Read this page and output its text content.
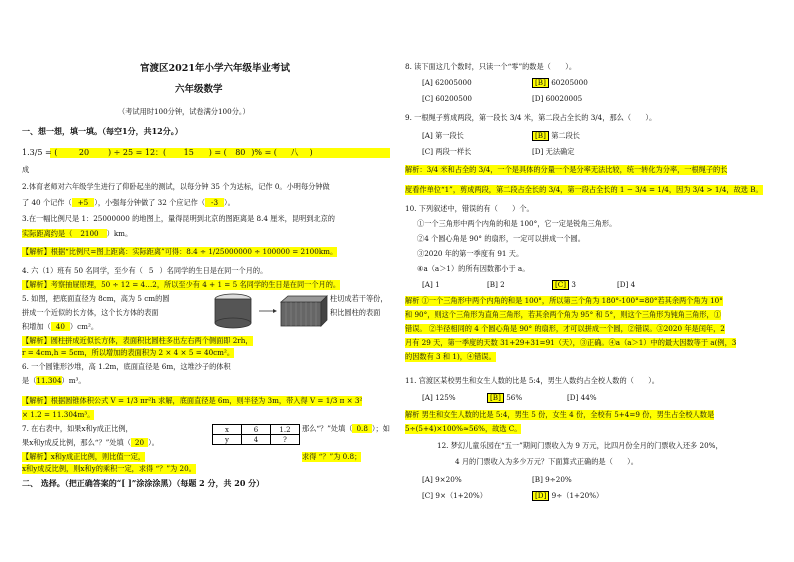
官渡区2021年小学六年级毕业考试
六年级数学
（考试用时100分钟，试卷满分100分。）
一、想一想，填一填。（每空1分，共12分。）
1.3/5 = (	20 ) ÷ 25 = 12：( 15 ) = ( 80 )% = ( 八 )
成
2.体育老师对六年级学生进行了仰卧起坐的测试，以每分钟 35 个为达标，记作 0。小明每分钟做
了 40 个记作（ +5 ），小强每分钟做了 32 个应记作（ -3 ）。
3.在一幅比例尺是 1：25000000 的地图上，量得昆明到北京的图距离是 8.4 厘米，昆明到北京的
实际距离约是（ 2100 ）km。
【解析】根据“比例尺=图上距离：实际距离”可得：8.4 ÷ 1/25000000 ÷ 100000 = 2100km。
4. 六（1）班有 50 名同学，至少有（ 5 ）名同学的生日是在同一个月的。
【解析】考察抽屉原理，50 ÷ 12 = 4…2，所以至少有 4 + 1 = 5 名同学的生日是在同一个月的。
5. 如图，把底面直径为 8cm，高为 5 cm的圆	柱切成若干等份，
拼成一个近似的长方体，这个长方体的表面	积比圆柱的表面
积增加（ 40 ）cm²。
【解析】圆柱拼成近似长方体，表面积比圆柱多出左右两个侧面即 2rh，
r = 4cm,h = 5cm，所以增加的表面积为 2 × 4 × 5 = 40cm²。
6. 一个圆锥形沙堆，高 1.2m，底面直径是 6m，这堆沙子的体积
是（11.304）m³。
【解析】根据圆锥体积公式 V = 1/3 πr²h 求解，底面直径是 6m，则半径为 3m，带入得 V = 1/3 π × 3²
× 1.2 = 11.304m³。
7. 在右表中，如果x和y成正比例，	那么“？”处填（ 0.8 ）；如
果x和y成反比例，那么“？”处填（ 20 ）。
x	6	1.2
y	4	?
【解析】x和y成正比例，则比值一定，	求得 “？”为 0.8；
x和y成反比例，则x和y的乘积一定，求得 “？”为 20。
二、 选择。（把正确答案的“[ ]”涂涂涂黑）（每题 2 分，共 20 分）
8. 读下面这几个数时，只读一个“零”的数是（　　）。
[A] 62005000	[B] 60205000
[C] 60200500	[D] 60020005
9. 一根绳子剪成两段，第一段长 3/4 米，第二段占全长的 3/4，那么（　　）。
[A] 第一段长	[B] 第二段长
[C] 两段一样长	[D] 无法确定
解析：3/4 米和占全的 3/4，一个是具体的分量一个是分率无法比较，统一转化为分率，一根绳子的长
度看作单位“1”，剪成两段，第二段占全长的 3/4，第一段占全长的 1 − 3/4 = 1/4，因为 3/4 > 1/4，故选 B。
10. 下列叙述中，错误的有（　　）个。
①一个三角形中两个内角的和是 100°，它一定是锐角三角形。
②4 个圆心角是 90° 的扇形，一定可以拼成一个圆。
③2020 年的第一季度有 91 天。
④a（a＞1）的所有因数都小于 a。
[A] 1	[B] 2	[C] 3	[D] 4
解析 ①一个三角形中两个内角的和是 100°，所以第三个角为 180°-100°=80°若其余两个角为 10°
和 90°，则这个三角形为直角三角形，若其余两个角为 95° 和 5°，则这个三角形为钝角三角形，①
错误。 ②半径相同的 4 个圆心角是 90° 的扇形，才可以拼成一个圆，②错误。③2020 年是闰年，2
月有 29 天，第一季度的天数 31+29+31=91（天），③正确。④a（a＞1）中的最大因数等于 a(例，3
的因数有 3 和 1)，④错误。
11. 官渡区某校男生和女生人数的比是 5:4，男生人数约占全校人数的（　　）。
[A] 125%	[B] 56%	[D] 44%
解析 男生和女生人数的比是 5:4，男生 5 份，女生 4 份，全校有 5+4=9 份，男生占全校人数是
5÷(5+4)×100%≈56%，故选 C。
12. 梦幻儿童乐园在“五一”期间门票收入为 9 万元，比四月份全月的门票收入还多 20%，
4 月的门票收入为多少万元？下面算式正确的是（　　）。
[A] 9×20%	[B] 9÷20%
[C] 9×（1+20%）	[D] 9÷（1+20%）
